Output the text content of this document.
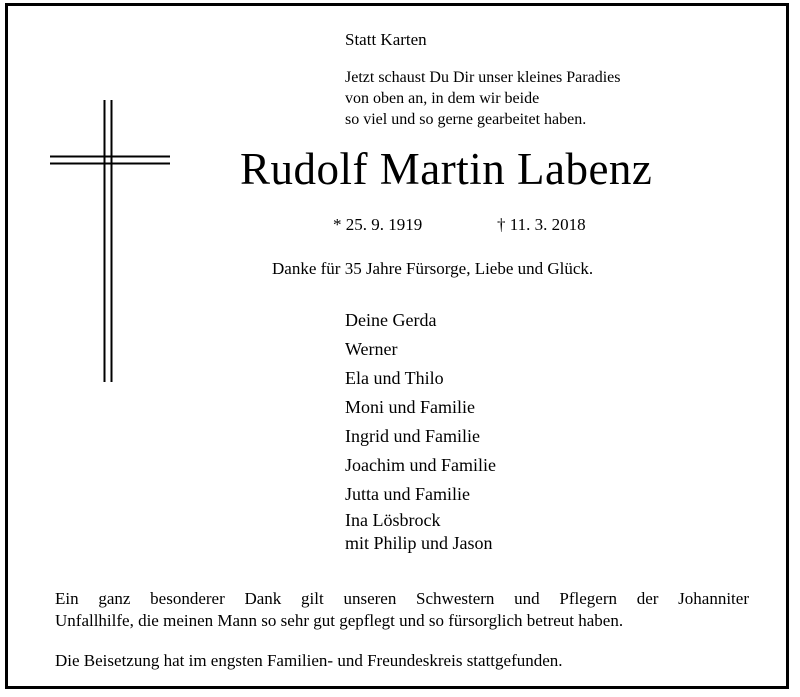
Statt Karten
Jetzt schaust Du Dir unser kleines Paradies
von oben an, in dem wir beide
so viel und so gerne gearbeitet haben.
Rudolf Martin Labenz
* 25. 9. 1919	† 11. 3. 2018
Danke für 35 Jahre Fürsorge, Liebe und Glück.
Deine Gerda
Werner
Ela und Thilo
Moni und Familie
Ingrid und Familie
Joachim und Familie
Jutta und Familie
Ina Lösbrock
mit Philip und Jason
Ein ganz besonderer Dank gilt unseren Schwestern und Pflegern der Johanniter
Unfallhilfe, die meinen Mann so sehr gut gepflegt und so fürsorglich betreut haben.
Die Beisetzung hat im engsten Familien- und Freundeskreis stattgefunden.
